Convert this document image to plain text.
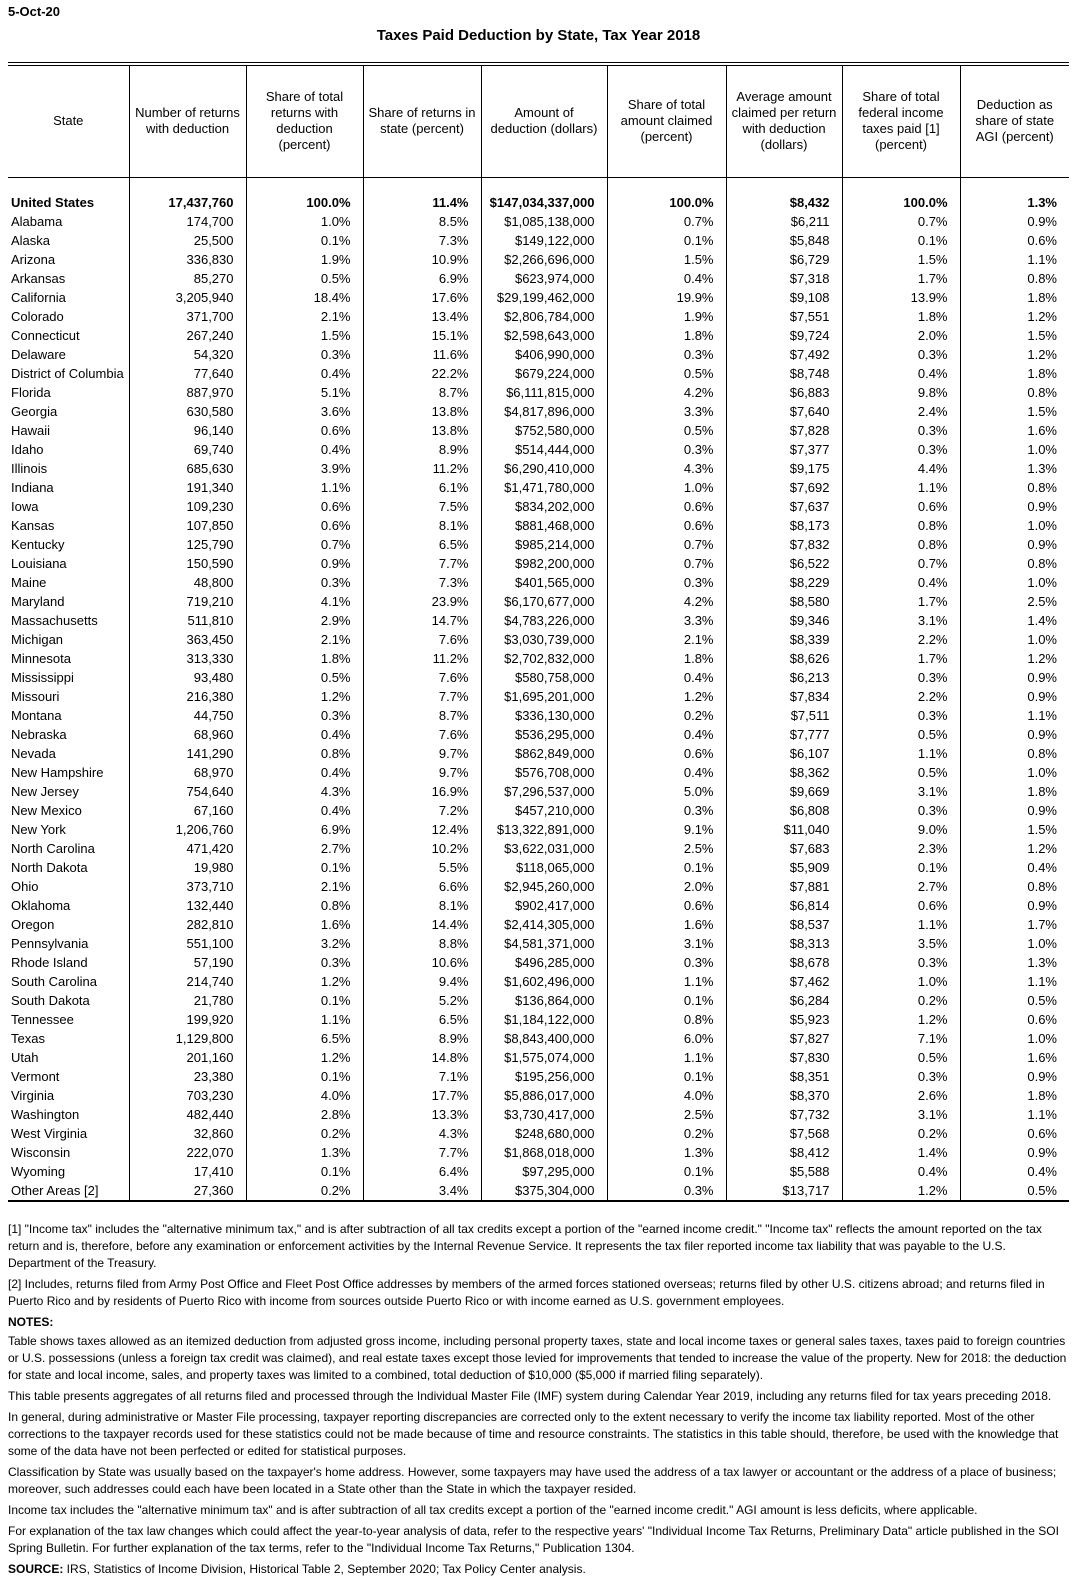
5-Oct-20
Taxes Paid Deduction by State, Tax Year 2018
State	Number of returns with deduction	Share of total returns with deduction (percent)	Share of returns in state (percent)	Amount of deduction (dollars)	Share of total amount claimed (percent)	Average amount claimed per return with deduction (dollars)	Share of total federal income taxes paid [1] (percent)	Deduction as share of state AGI (percent)

United States	17,437,760	100.0%	11.4%	$147,034,337,000	100.0%	$8,432	100.0%	1.3%
Alabama	174,700	1.0%	8.5%	$1,085,138,000	0.7%	$6,211	0.7%	0.9%
Alaska	25,500	0.1%	7.3%	$149,122,000	0.1%	$5,848	0.1%	0.6%
Arizona	336,830	1.9%	10.9%	$2,266,696,000	1.5%	$6,729	1.5%	1.1%
Arkansas	85,270	0.5%	6.9%	$623,974,000	0.4%	$7,318	1.7%	0.8%
California	3,205,940	18.4%	17.6%	$29,199,462,000	19.9%	$9,108	13.9%	1.8%
Colorado	371,700	2.1%	13.4%	$2,806,784,000	1.9%	$7,551	1.8%	1.2%
Connecticut	267,240	1.5%	15.1%	$2,598,643,000	1.8%	$9,724	2.0%	1.5%
Delaware	54,320	0.3%	11.6%	$406,990,000	0.3%	$7,492	0.3%	1.2%
District of Columbia	77,640	0.4%	22.2%	$679,224,000	0.5%	$8,748	0.4%	1.8%
Florida	887,970	5.1%	8.7%	$6,111,815,000	4.2%	$6,883	9.8%	0.8%
Georgia	630,580	3.6%	13.8%	$4,817,896,000	3.3%	$7,640	2.4%	1.5%
Hawaii	96,140	0.6%	13.8%	$752,580,000	0.5%	$7,828	0.3%	1.6%
Idaho	69,740	0.4%	8.9%	$514,444,000	0.3%	$7,377	0.3%	1.0%
Illinois	685,630	3.9%	11.2%	$6,290,410,000	4.3%	$9,175	4.4%	1.3%
Indiana	191,340	1.1%	6.1%	$1,471,780,000	1.0%	$7,692	1.1%	0.8%
Iowa	109,230	0.6%	7.5%	$834,202,000	0.6%	$7,637	0.6%	0.9%
Kansas	107,850	0.6%	8.1%	$881,468,000	0.6%	$8,173	0.8%	1.0%
Kentucky	125,790	0.7%	6.5%	$985,214,000	0.7%	$7,832	0.8%	0.9%
Louisiana	150,590	0.9%	7.7%	$982,200,000	0.7%	$6,522	0.7%	0.8%
Maine	48,800	0.3%	7.3%	$401,565,000	0.3%	$8,229	0.4%	1.0%
Maryland	719,210	4.1%	23.9%	$6,170,677,000	4.2%	$8,580	1.7%	2.5%
Massachusetts	511,810	2.9%	14.7%	$4,783,226,000	3.3%	$9,346	3.1%	1.4%
Michigan	363,450	2.1%	7.6%	$3,030,739,000	2.1%	$8,339	2.2%	1.0%
Minnesota	313,330	1.8%	11.2%	$2,702,832,000	1.8%	$8,626	1.7%	1.2%
Mississippi	93,480	0.5%	7.6%	$580,758,000	0.4%	$6,213	0.3%	0.9%
Missouri	216,380	1.2%	7.7%	$1,695,201,000	1.2%	$7,834	2.2%	0.9%
Montana	44,750	0.3%	8.7%	$336,130,000	0.2%	$7,511	0.3%	1.1%
Nebraska	68,960	0.4%	7.6%	$536,295,000	0.4%	$7,777	0.5%	0.9%
Nevada	141,290	0.8%	9.7%	$862,849,000	0.6%	$6,107	1.1%	0.8%
New Hampshire	68,970	0.4%	9.7%	$576,708,000	0.4%	$8,362	0.5%	1.0%
New Jersey	754,640	4.3%	16.9%	$7,296,537,000	5.0%	$9,669	3.1%	1.8%
New Mexico	67,160	0.4%	7.2%	$457,210,000	0.3%	$6,808	0.3%	0.9%
New York	1,206,760	6.9%	12.4%	$13,322,891,000	9.1%	$11,040	9.0%	1.5%
North Carolina	471,420	2.7%	10.2%	$3,622,031,000	2.5%	$7,683	2.3%	1.2%
North Dakota	19,980	0.1%	5.5%	$118,065,000	0.1%	$5,909	0.1%	0.4%
Ohio	373,710	2.1%	6.6%	$2,945,260,000	2.0%	$7,881	2.7%	0.8%
Oklahoma	132,440	0.8%	8.1%	$902,417,000	0.6%	$6,814	0.6%	0.9%
Oregon	282,810	1.6%	14.4%	$2,414,305,000	1.6%	$8,537	1.1%	1.7%
Pennsylvania	551,100	3.2%	8.8%	$4,581,371,000	3.1%	$8,313	3.5%	1.0%
Rhode Island	57,190	0.3%	10.6%	$496,285,000	0.3%	$8,678	0.3%	1.3%
South Carolina	214,740	1.2%	9.4%	$1,602,496,000	1.1%	$7,462	1.0%	1.1%
South Dakota	21,780	0.1%	5.2%	$136,864,000	0.1%	$6,284	0.2%	0.5%
Tennessee	199,920	1.1%	6.5%	$1,184,122,000	0.8%	$5,923	1.2%	0.6%
Texas	1,129,800	6.5%	8.9%	$8,843,400,000	6.0%	$7,827	7.1%	1.0%
Utah	201,160	1.2%	14.8%	$1,575,074,000	1.1%	$7,830	0.5%	1.6%
Vermont	23,380	0.1%	7.1%	$195,256,000	0.1%	$8,351	0.3%	0.9%
Virginia	703,230	4.0%	17.7%	$5,886,017,000	4.0%	$8,370	2.6%	1.8%
Washington	482,440	2.8%	13.3%	$3,730,417,000	2.5%	$7,732	3.1%	1.1%
West Virginia	32,860	0.2%	4.3%	$248,680,000	0.2%	$7,568	0.2%	0.6%
Wisconsin	222,070	1.3%	7.7%	$1,868,018,000	1.3%	$8,412	1.4%	0.9%
Wyoming	17,410	0.1%	6.4%	$97,295,000	0.1%	$5,588	0.4%	0.4%
Other Areas [2]	27,360	0.2%	3.4%	$375,304,000	0.3%	$13,717	1.2%	0.5%

[1] "Income tax" includes the "alternative minimum tax," and is after subtraction of all tax credits except a portion of the "earned income credit." "Income tax" reflects the amount reported on the tax return and is, therefore, before any examination or enforcement activities by the Internal Revenue Service. It represents the tax filer reported income tax liability that was payable to the U.S. Department of the Treasury.

[2] Includes, returns filed from Army Post Office and Fleet Post Office addresses by members of the armed forces stationed overseas; returns filed by other U.S. citizens abroad; and returns filed in Puerto Rico and by residents of Puerto Rico with income from sources outside Puerto Rico or with income earned as U.S. government employees.

NOTES:

Table shows taxes allowed as an itemized deduction from adjusted gross income, including personal property taxes, state and local income taxes or general sales taxes, taxes paid to foreign countries or U.S. possessions (unless a foreign tax credit was claimed), and real estate taxes except those levied for improvements that tended to increase the value of the property. New for 2018: the deduction for state and local income, sales, and property taxes was limited to a combined, total deduction of $10,000 ($5,000 if married filing separately).

This table presents aggregates of all returns filed and processed through the Individual Master File (IMF) system during Calendar Year 2019, including any returns filed for tax years preceding 2018.

In general, during administrative or Master File processing, taxpayer reporting discrepancies are corrected only to the extent necessary to verify the income tax liability reported. Most of the other corrections to the taxpayer records used for these statistics could not be made because of time and resource constraints. The statistics in this table should, therefore, be used with the knowledge that some of the data have not been perfected or edited for statistical purposes.

Classification by State was usually based on the taxpayer's home address. However, some taxpayers may have used the address of a tax lawyer or accountant or the address of a place of business; moreover, such addresses could each have been located in a State other than the State in which the taxpayer resided.

Income tax includes the "alternative minimum tax" and is after subtraction of all tax credits except a portion of the "earned income credit." AGI amount is less deficits, where applicable.

For explanation of the tax law changes which could affect the year-to-year analysis of data, refer to the respective years' "Individual Income Tax Returns, Preliminary Data" article published in the SOI Spring Bulletin. For further explanation of the tax terms, refer to the "Individual Income Tax Returns," Publication 1304.

SOURCE: IRS, Statistics of Income Division, Historical Table 2, September 2020; Tax Policy Center analysis.
